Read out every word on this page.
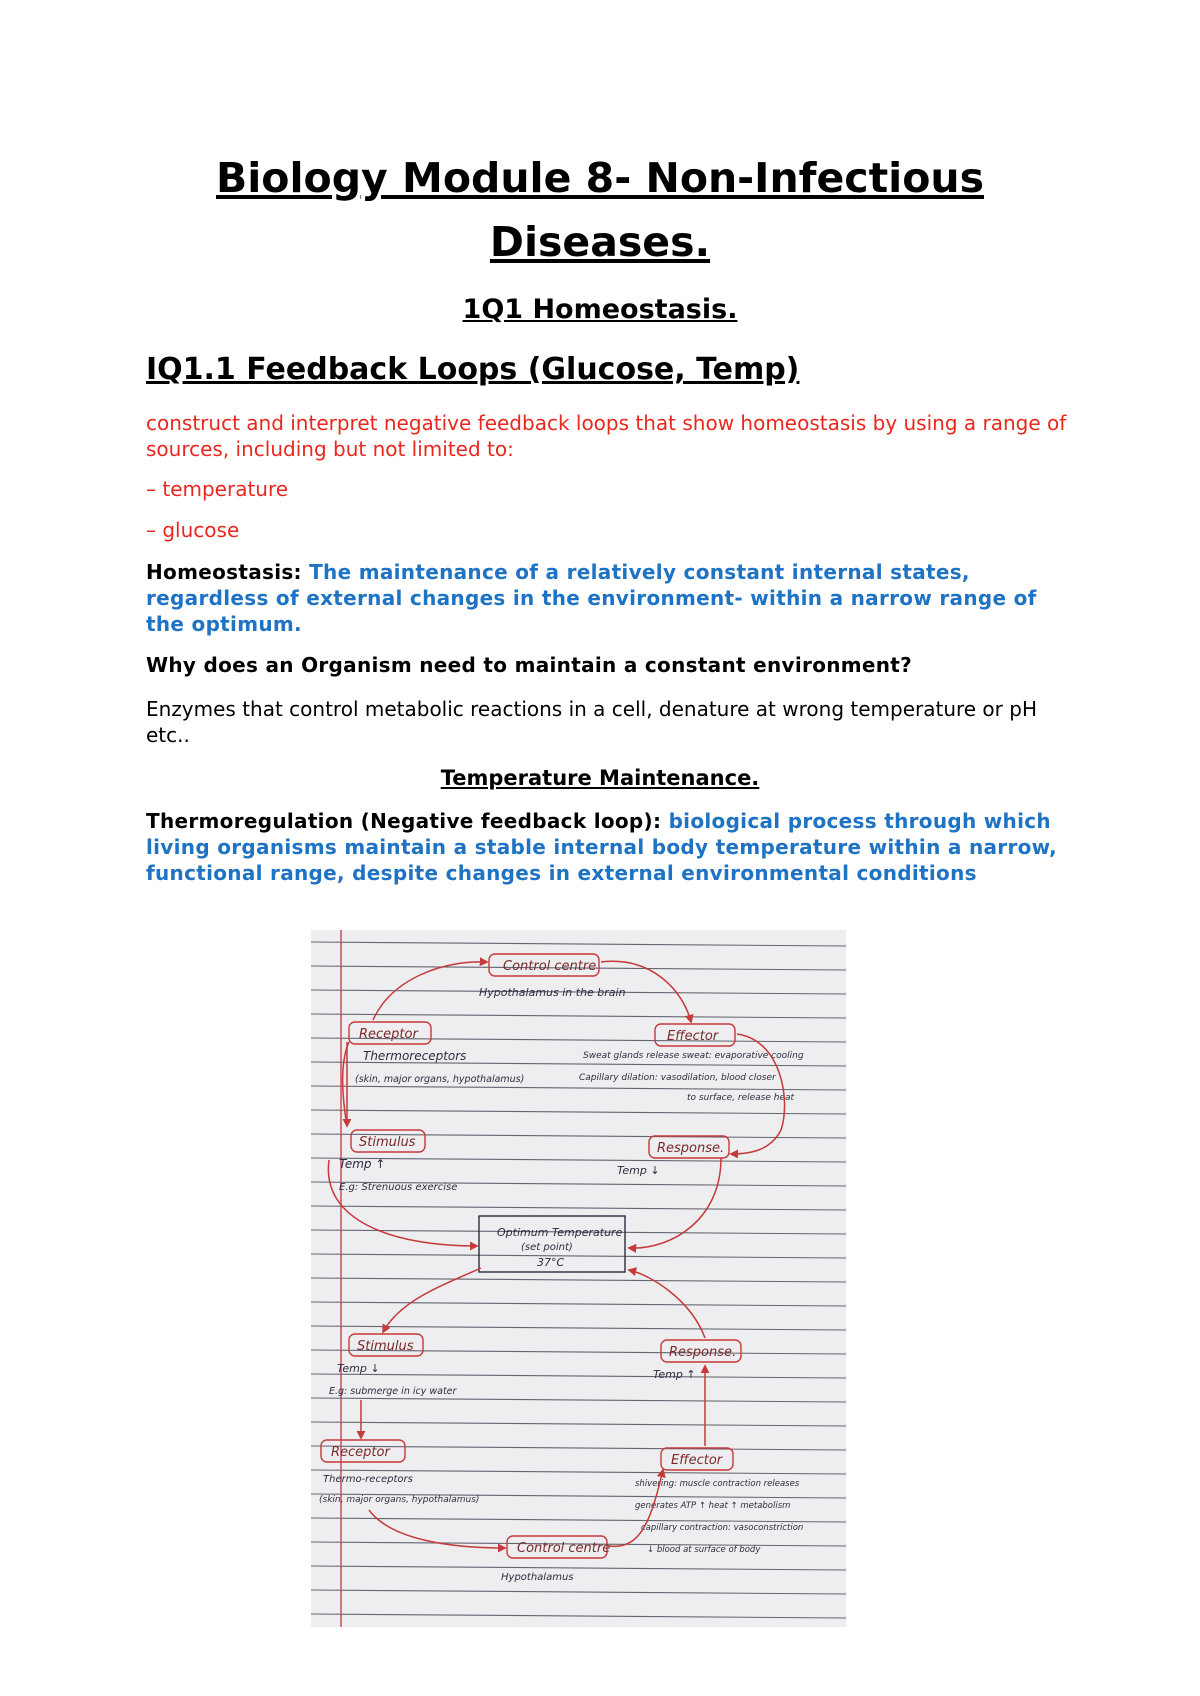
Biology Module 8- Non-Infectious Diseases.
1Q1 Homeostasis.
IQ1.1 Feedback Loops (Glucose, Temp)

construct and interpret negative feedback loops that show homeostasis by using a range of sources, including but not limited to:

– temperature

– glucose

Homeostasis: The maintenance of a relatively constant internal states, regardless of external changes in the environment- within a narrow range of the optimum.

Why does an Organism need to maintain a constant environment?

Enzymes that control metabolic reactions in a cell, denature at wrong temperature or pH etc..

Temperature Maintenance.

Thermoregulation (Negative feedback loop): biological process through which living organisms maintain a stable internal body temperature within a narrow, functional range, despite changes in external environmental conditions

Control centre
Hypothalamus in the brain
Receptor
Thermoreceptors
(skin, major organs, hypothalamus)
Effector
Sweat glands release sweat: evaporative cooling
Capillary dilation: vasodilation, blood closer
to surface, release heat
Stimulus
Temp ↑
E.g: Strenuous exercise
Response.
Temp ↓
Optimum Temperature
(set point)
37°C
Stimulus
Temp ↓
E.g: submerge in icy water
Response.
Temp ↑
Receptor
Thermo-receptors
(skin, major organs, hypothalamus)
Effector
shivering: muscle contraction releases
generates ATP ↑ heat ↑ metabolism
capillary contraction: vasoconstriction
↓ blood at surface of body
Control centre
Hypothalamus
